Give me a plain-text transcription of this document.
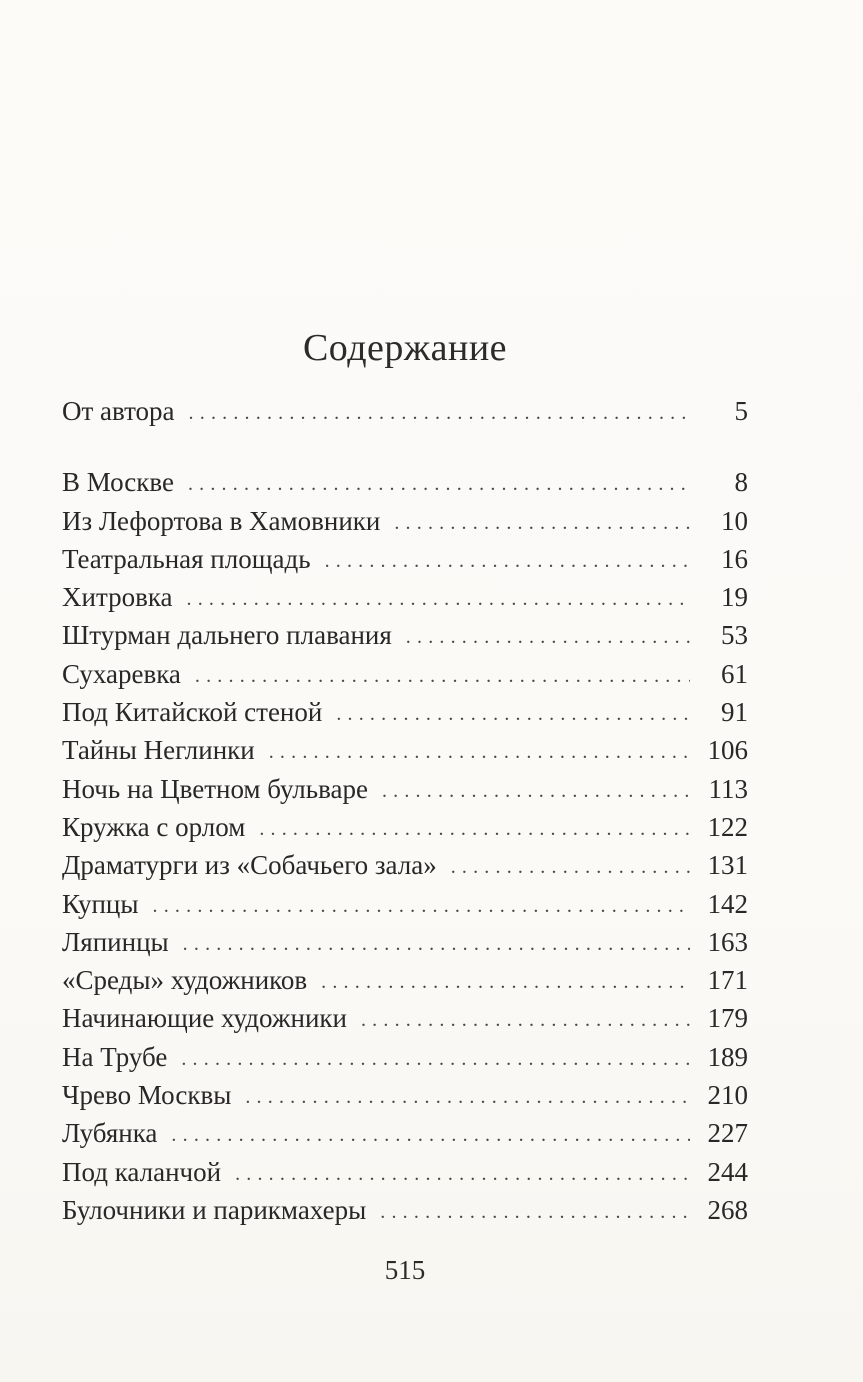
Содержание
От автора . . .	5
В Москве . . .	8
Из Лефортова в Хамовники . . .	10
Театральная площадь . . .	16
Хитровка . . .	19
Штурман дальнего плавания . . .	53
Сухаревка . . .	61
Под Китайской стеной . . .	91
Тайны Неглинки . . .	106
Ночь на Цветном бульваре . . .	113
Кружка с орлом . . .	122
Драматурги из «Собачьего зала» . . .	131
Купцы . . .	142
Ляпинцы . . .	163
«Среды» художников . . .	171
Начинающие художники . . .	179
На Трубе . . .	189
Чрево Москвы . . .	210
Лубянка . . .	227
Под каланчой . . .	244
Булочники и парикмахеры . . .	268
515
